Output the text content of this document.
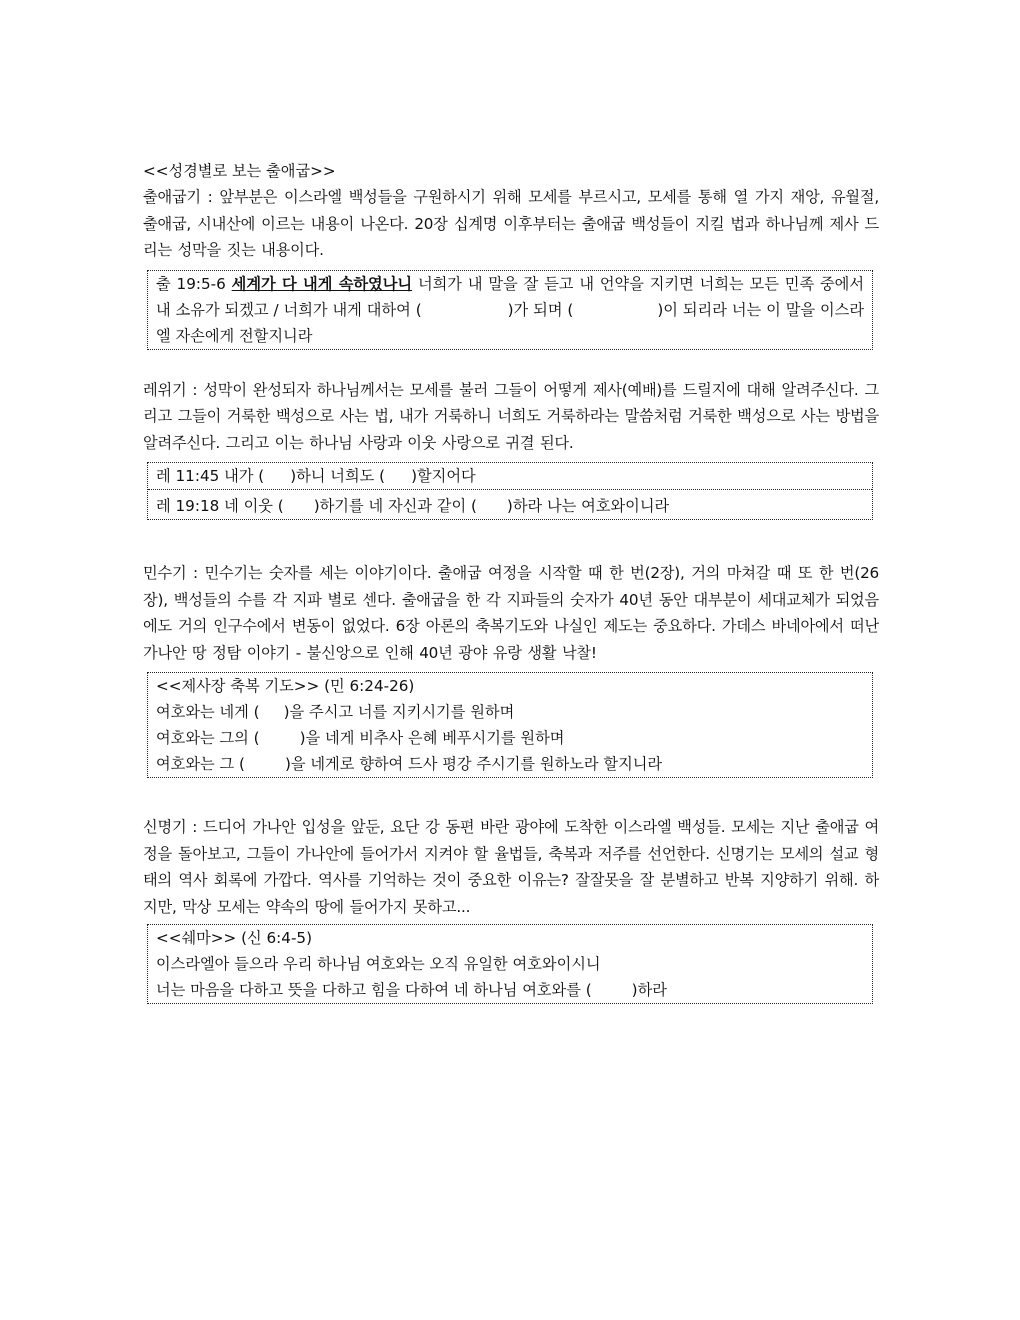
<<성경별로 보는 출애굽>>

출애굽기 : 앞부분은 이스라엘 백성들을 구원하시기 위해 모세를 부르시고, 모세를 통해 열 가지 재앙, 유월절, 출애굽, 시내산에 이르는 내용이 나온다. 20장 십계명 이후부터는 출애굽 백성들이 지킬 법과 하나님께 제사 드리는 성막을 짓는 내용이다.

출 19:5-6 세계가 다 내게 속하였나니 너희가 내 말을 잘 듣고 내 언약을 지키면 너희는 모든 민족 중에서 내 소유가 되겠고 / 너희가 내게 대하여 (	)가 되며 (	)이 되리라 너는 이 말을 이스라엘 자손에게 전할지니라

레위기 : 성막이 완성되자 하나님께서는 모세를 불러 그들이 어떻게 제사(예배)를 드릴지에 대해 알려주신다. 그리고 그들이 거룩한 백성으로 사는 법, 내가 거룩하니 너희도 거룩하라는 말씀처럼 거룩한 백성으로 사는 방법을 알려주신다. 그리고 이는 하나님 사랑과 이웃 사랑으로 귀결 된다.

레 11:45 내가 ( )하니 너희도 ( )할지어다
레 19:18 네 이웃 ( )하기를 네 자신과 같이 ( )하라 나는 여호와이니라

민수기 : 민수기는 숫자를 세는 이야기이다. 출애굽 여정을 시작할 때 한 번(2장), 거의 마쳐갈 때 또 한 번(26장), 백성들의 수를 각 지파 별로 센다. 출애굽을 한 각 지파들의 숫자가 40년 동안 대부분이 세대교체가 되었음에도 거의 인구수에서 변동이 없었다. 6장 아론의 축복기도와 나실인 제도는 중요하다. 가데스 바네아에서 떠난 가나안 땅 정탐 이야기 - 불신앙으로 인해 40년 광야 유랑 생활 낙찰!

<<제사장 축복 기도>> (민 6:24-26)
여호와는 네게 ( )을 주시고 너를 지키시기를 원하며
여호와는 그의 (	)을 네게 비추사 은혜 베푸시기를 원하며
여호와는 그 (	)을 네게로 향하여 드사 평강 주시기를 원하노라 할지니라

신명기 : 드디어 가나안 입성을 앞둔, 요단 강 동편 바란 광야에 도착한 이스라엘 백성들. 모세는 지난 출애굽 여정을 돌아보고, 그들이 가나안에 들어가서 지켜야 할 율법들, 축복과 저주를 선언한다. 신명기는 모세의 설교 형태의 역사 회록에 가깝다. 역사를 기억하는 것이 중요한 이유는? 잘잘못을 잘 분별하고 반복 지양하기 위해. 하지만, 막상 모세는 약속의 땅에 들어가지 못하고...

<<쉐마>> (신 6:4-5)
이스라엘아 들으라 우리 하나님 여호와는 오직 유일한 여호와이시니
너는 마음을 다하고 뜻을 다하고 힘을 다하여 네 하나님 여호와를 (	)하라
